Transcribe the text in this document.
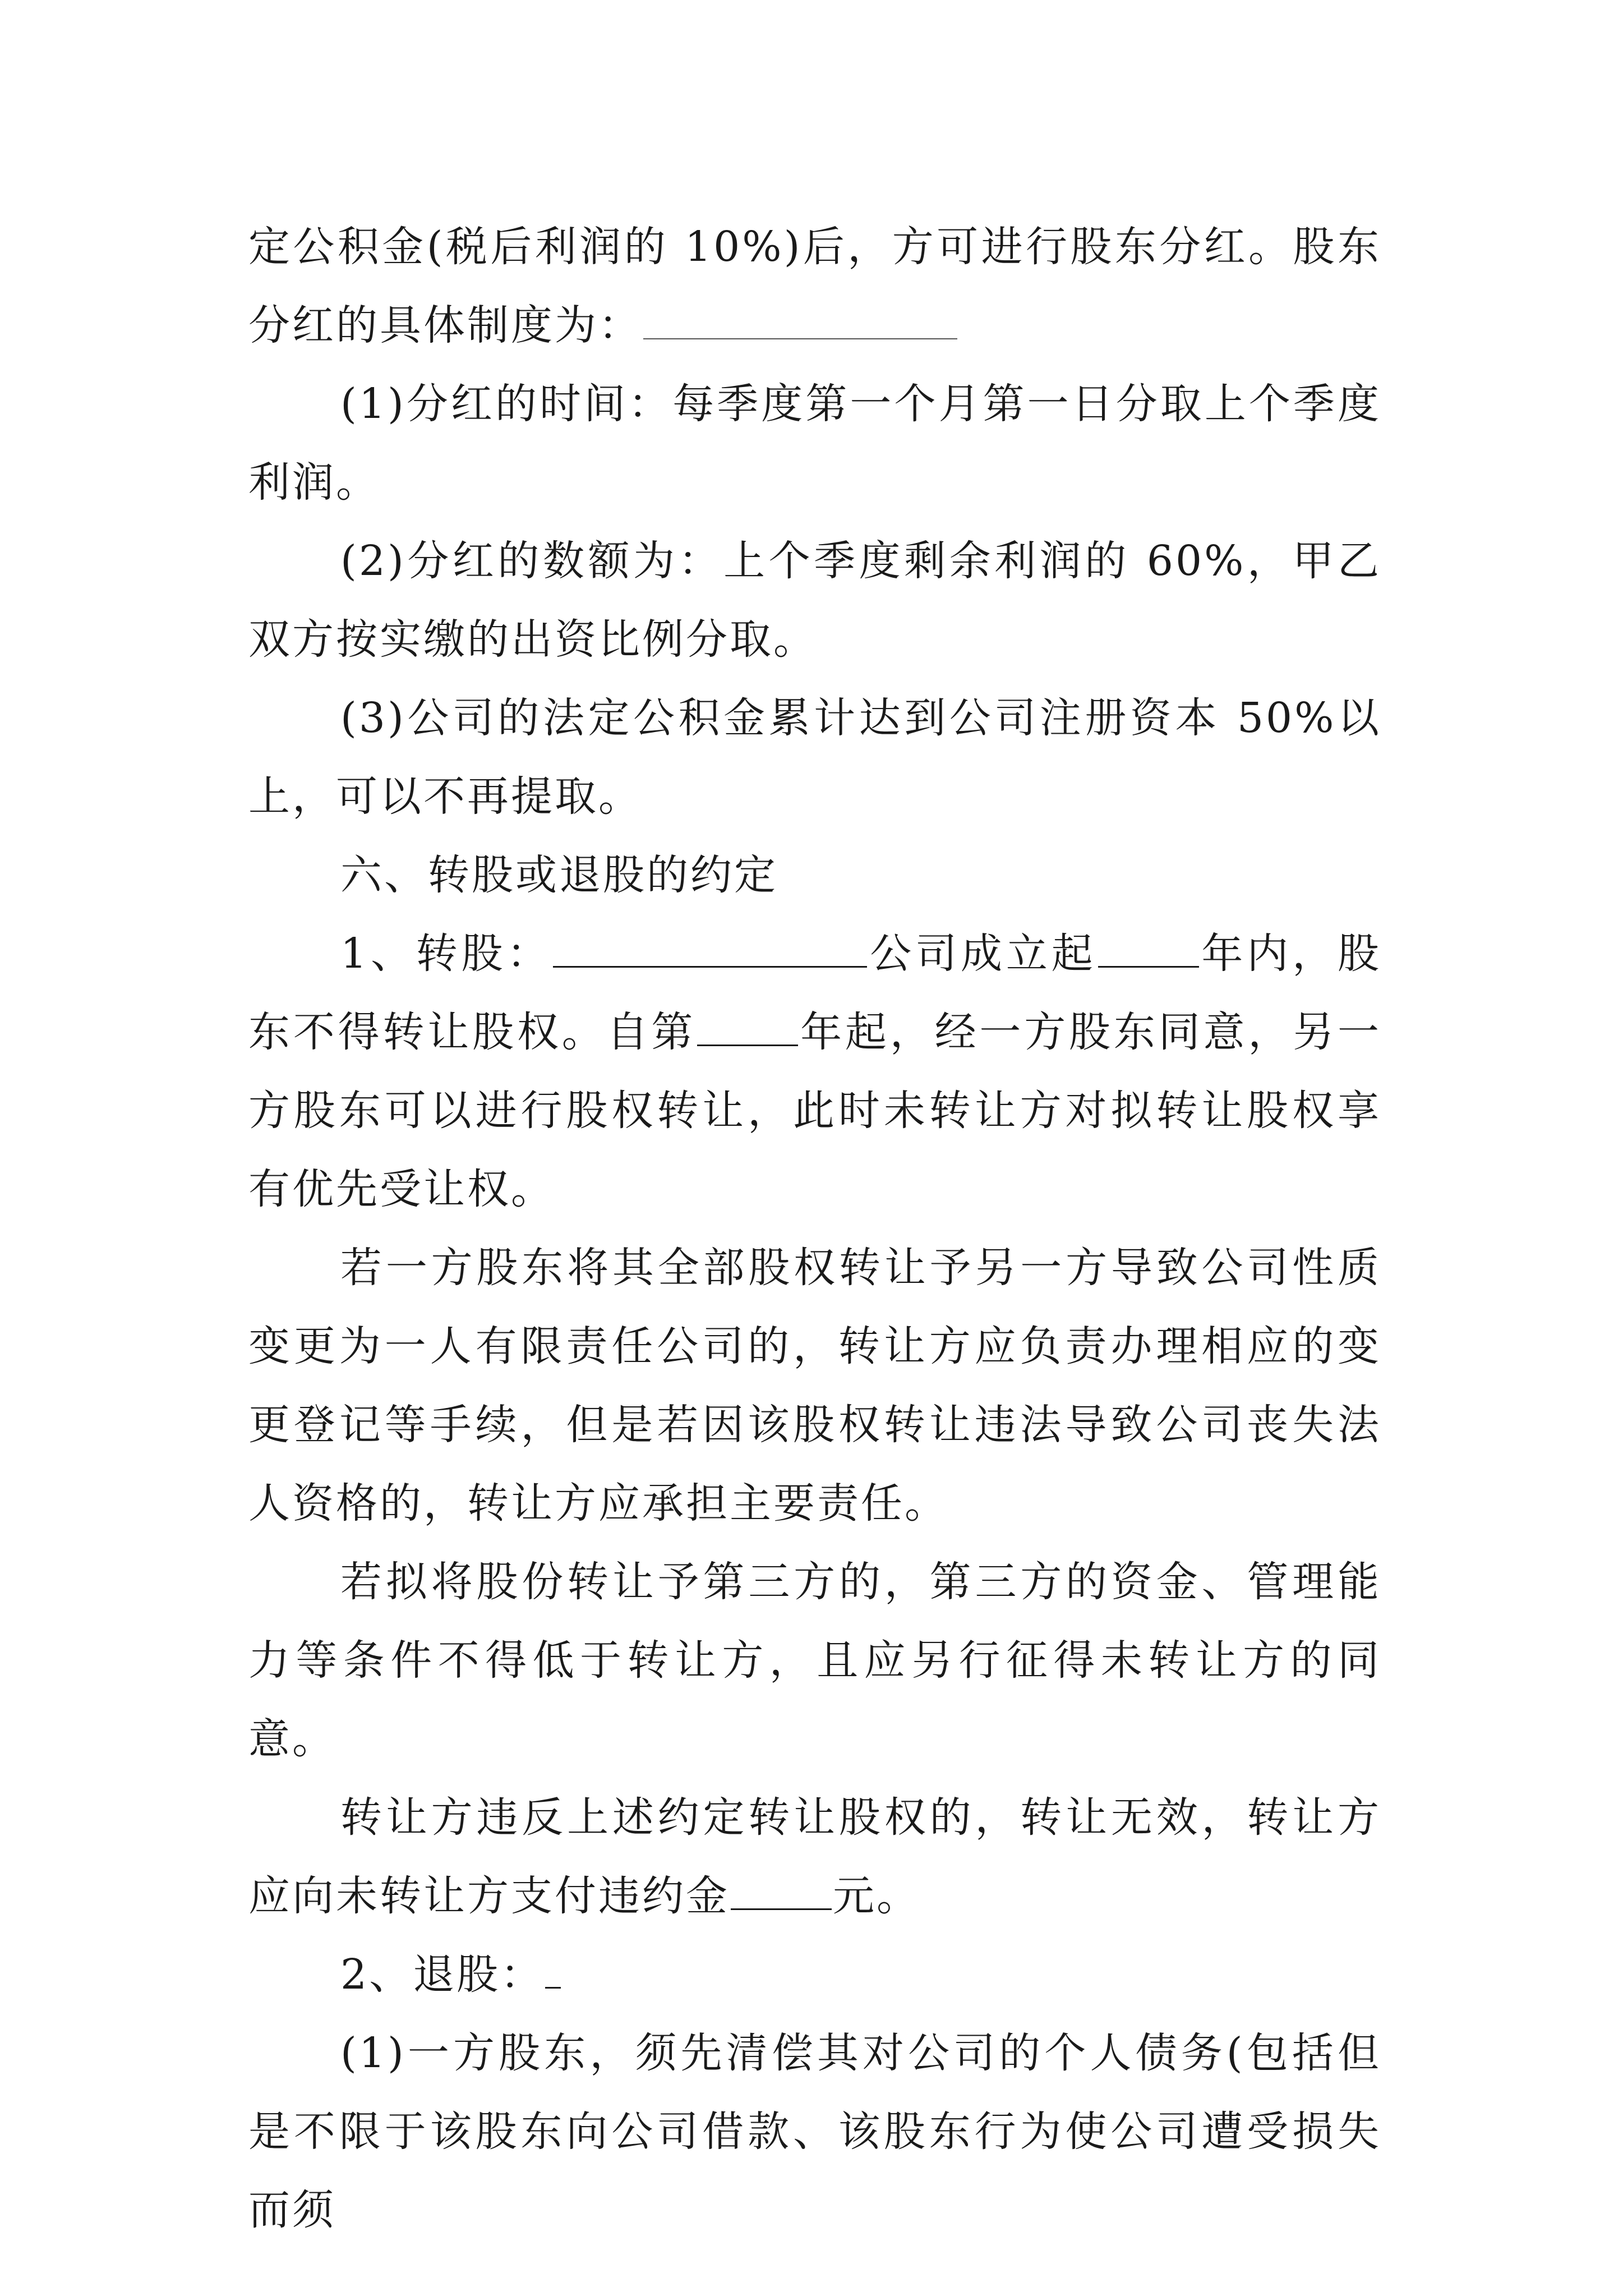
定公积金(税后利润的 10%)后，方可进行股东分红。股东分红的具体制度为：

(1)分红的时间：每季度第一个月第一日分取上个季度利润。

(2)分红的数额为：上个季度剩余利润的 60%，甲乙双方按实缴的出资比例分取。

(3)公司的法定公积金累计达到公司注册资本 50%以上，可以不再提取。

六、转股或退股的约定

1、转股：	公司成立起 年内，股东不得转让股权。自第 年起，经一方股东同意，另一方股东可以进行股权转让，此时未转让方对拟转让股权享有优先受让权。

若一方股东将其全部股权转让予另一方导致公司性质变更为一人有限责任公司的，转让方应负责办理相应的变更登记等手续，但是若因该股权转让违法导致公司丧失法人资格的，转让方应承担主要责任。

若拟将股份转让予第三方的，第三方的资金、管理能力等条件不得低于转让方，且应另行征得未转让方的同意。

转让方违反上述约定转让股权的，转让无效，转让方应向未转让方支付违约金 元。

2、退股：

(1)一方股东，须先清偿其对公司的个人债务(包括但是不限于该股东向公司借款、该股东行为使公司遭受损失而须
